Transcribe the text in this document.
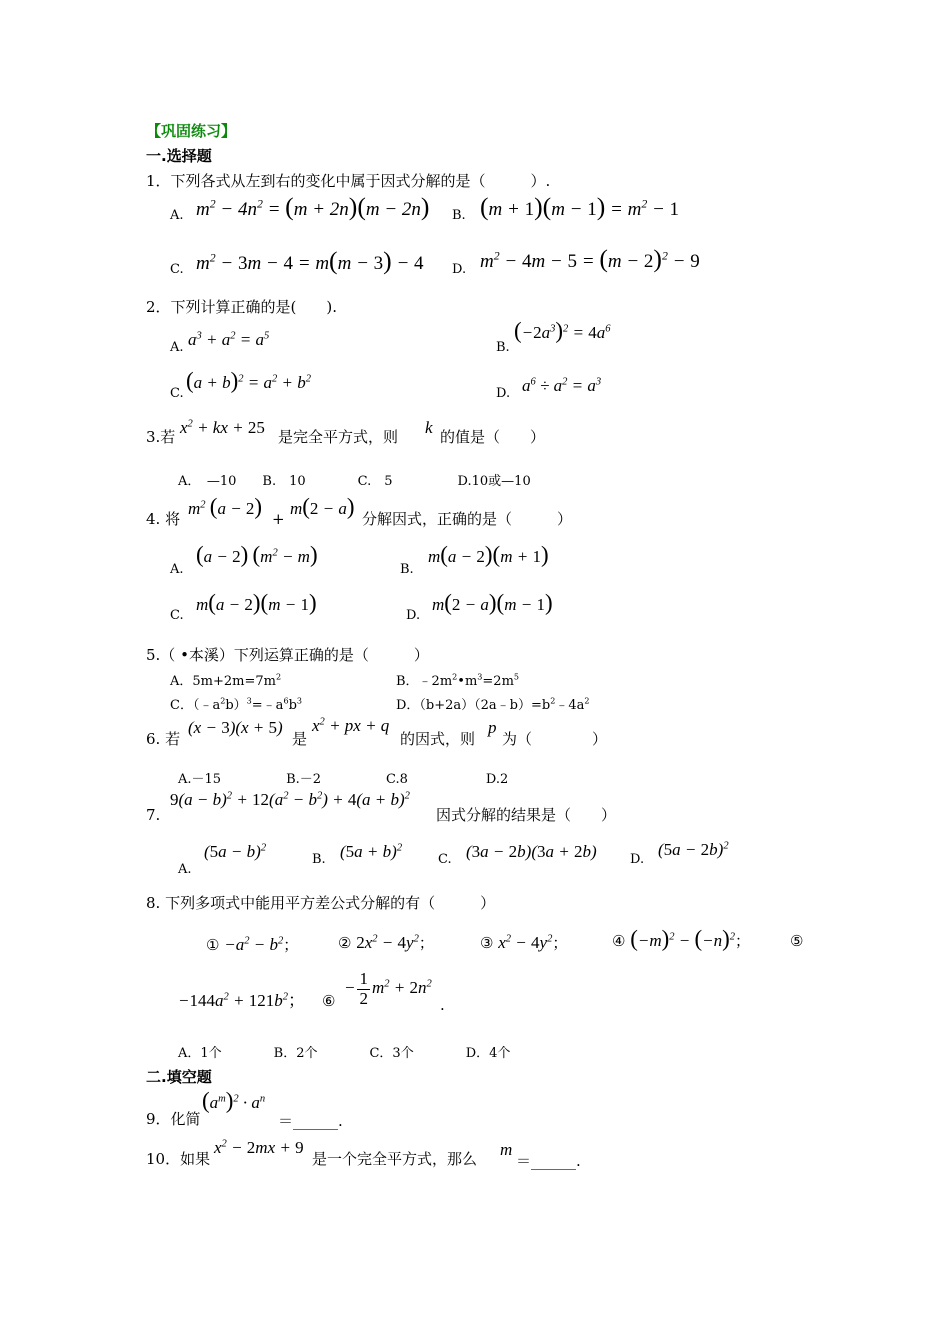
【巩固练习】
一.选择题
1．下列各式从左到右的变化中属于因式分解的是（　　　）.
A. $m^2 - 4n^2 = (m + 2n)(m - 2n)$ B. $(m + 1)(m - 1) = m^2 - 1$
C. $m^2 - 3m - 4 = m(m - 3) - 4$ D. $m^2 - 4m - 5 = (m - 2)^2 - 9$
2．下列计算正确的是(　　).
A. $a^3 + a^2 = a^5$
B.
$(-2a^3)^2 = 4a^6$
C.
$(a + b)^2 = a^2 + b^2$
D. $a^6 \div a^2 = a^3$
3.若 $x^2$ + kx + 25 是完全平方式，则 k 的值是（　　）
A．　—10　　B.　10　　　　C.　5　　　　　D.10或—10
4. 将
$m^2$ (a − 2) +
m(2 − a) 分解因式，正确的是（　　　）
A.
(a − 2) $(m^2 - m)$
B.
m(a − 2)(m + 1)
C.
m(a − 2)(m − 1)
D.
m(2 − a)(m − 1)
5.（ •本溪）下列运算正确的是（　　　）
A．$5m+2m=7m^2$	B．$﹣2m^2•m^3=2m^5$
C．$(﹣a^2b)^3=﹣a^6b^3$	D．$(b+2a)(2a﹣b)=b^2﹣4a^2$
6. 若
(x − 3)(x + 5)
是
$x^2$ + px + q
的因式，则
p
为（　　　　）
A.－15　　　　　B.－2　　　　　C.8　　　　　　D.2
7.
$9(a - b)^2 + 12(a^2 - b^2) + 4(a + b)^2$
因式分解的结果是（　　）
A.
$(5a - b)^2$
B. $(5a + b)^2$
C. (3a − 2b)(3a + 2b)	D.
$(5a - 2b)^2$
8. 下列多项式中能用平方差公式分解的有（　　　）
① $-a^2 - b^2$；	② $2x^2 - 4y^2$；	③ $x^2 - 4y^2$；	④ $(-m)^2 - (-n)^2$；	⑤
$-144a^2 + 121b^2$； ⑥
− $\frac{1}{2} m^2 + 2n^2$
.
A．1个　　　　B．2个　　　　C．3个　　　　D．4个
二.填空题
9．化简
$(a^m)^2 \cdot a^n$
＝______.
10．如果
$x^2 - 2mx + 9$
是一个完全平方式，那么 m
＝______.
